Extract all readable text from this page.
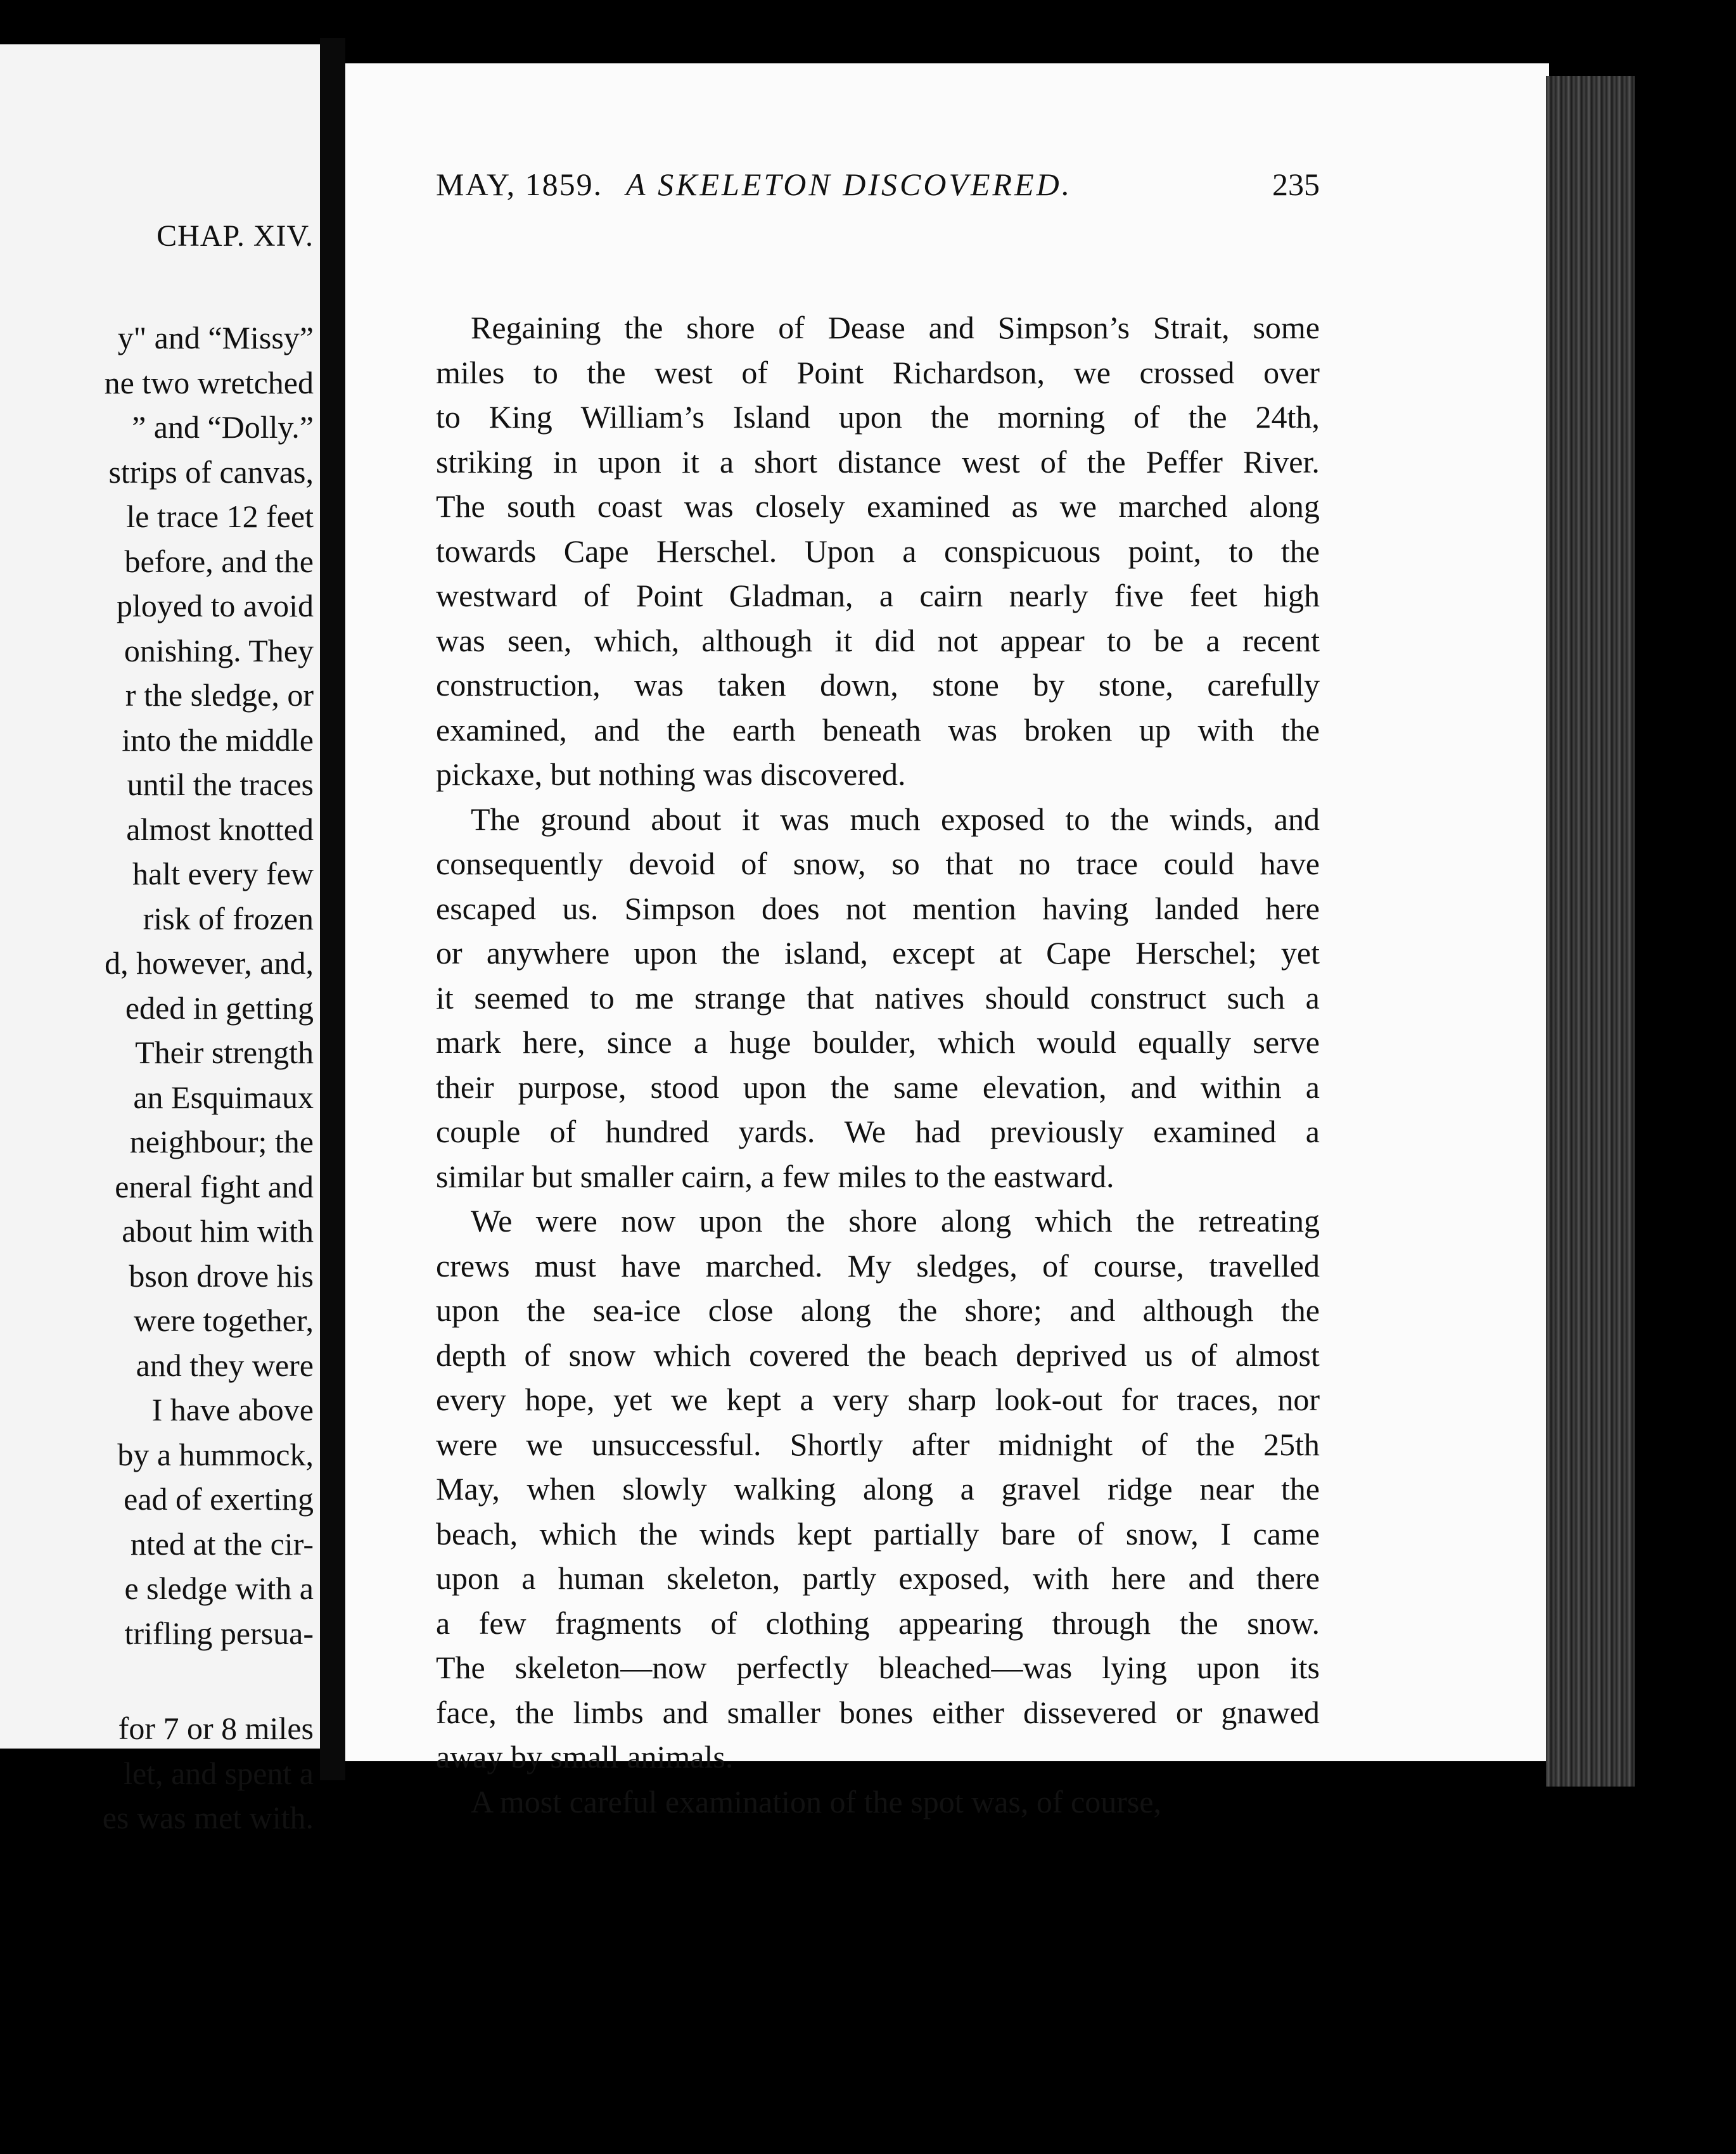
CHAP. XIV.
y" and “Missy”
ne two wretched
” and “Dolly.”
strips of canvas,
le trace 12 feet
before, and the
ployed to avoid
onishing. They
r the sledge, or
into the middle
until the traces
almost knotted
halt every few
risk of frozen
d, however, and,
eded in getting
Their strength
an Esquimaux
neighbour; the
eneral fight and
about him with
bson drove his
were together,
and they were
I have above
by a hummock,
ead of exerting
nted at the cir-
e sledge with a
trifling persua-
for 7 or 8 miles
let, and spent a
es was met with.
MAY, 1859. A SKELETON DISCOVERED.	235
Regaining the shore of Dease and Simpson’s Strait, some
miles to the west of Point Richardson, we crossed over
to King William’s Island upon the morning of the 24th,
striking in upon it a short distance west of the Peffer River.
The south coast was closely examined as we marched along
towards Cape Herschel. Upon a conspicuous point, to the
westward of Point Gladman, a cairn nearly five feet high
was seen, which, although it did not appear to be a recent
construction, was taken down, stone by stone, carefully
examined, and the earth beneath was broken up with the
pickaxe, but nothing was discovered.
The ground about it was much exposed to the winds, and
consequently devoid of snow, so that no trace could have
escaped us. Simpson does not mention having landed here
or anywhere upon the island, except at Cape Herschel; yet
it seemed to me strange that natives should construct such a
mark here, since a huge boulder, which would equally serve
their purpose, stood upon the same elevation, and within a
couple of hundred yards. We had previously examined a
similar but smaller cairn, a few miles to the eastward.
We were now upon the shore along which the retreating
crews must have marched. My sledges, of course, travelled
upon the sea-ice close along the shore; and although the
depth of snow which covered the beach deprived us of almost
every hope, yet we kept a very sharp look-out for traces, nor
were we unsuccessful. Shortly after midnight of the 25th
May, when slowly walking along a gravel ridge near the
beach, which the winds kept partially bare of snow, I came
upon a human skeleton, partly exposed, with here and there
a few fragments of clothing appearing through the snow.
The skeleton—now perfectly bleached—was lying upon its
face, the limbs and smaller bones either dissevered or gnawed
away by small animals.
A most careful examination of the spot was, of course,
